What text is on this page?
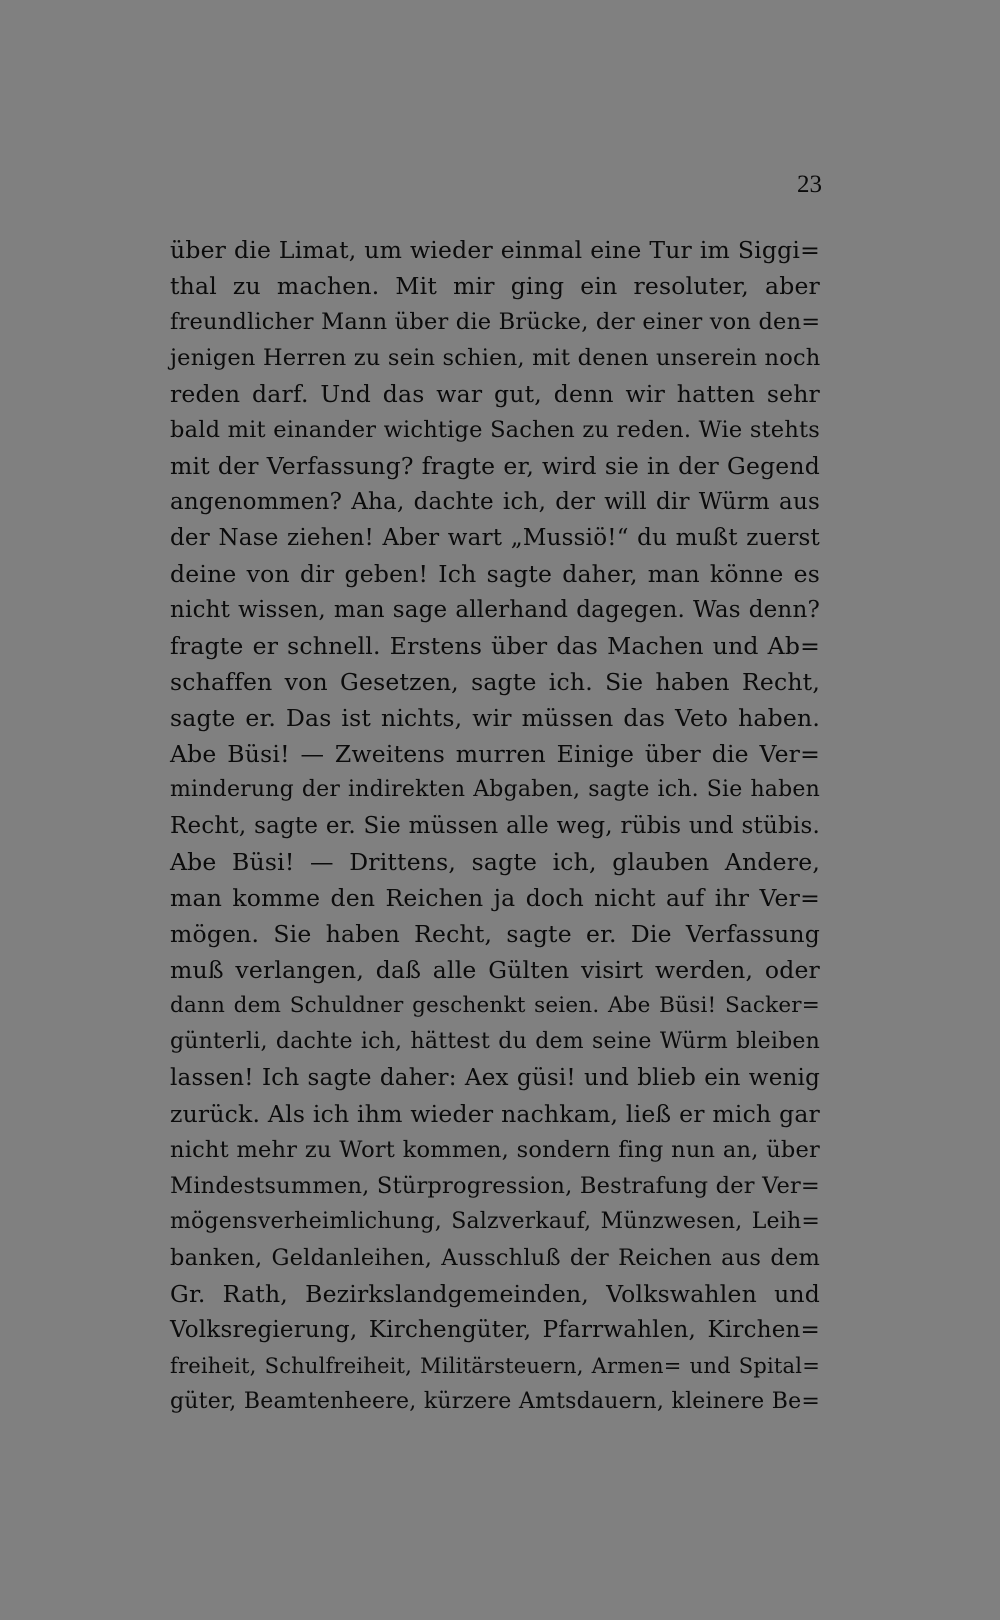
23
über die Limat, um wieder einmal eine Tur im Siggi=
thal zu machen. Mit mir ging ein resoluter, aber
freundlicher Mann über die Brücke, der einer von den=
jenigen Herren zu sein schien, mit denen unserein noch
reden darf. Und das war gut, denn wir hatten sehr
bald mit einander wichtige Sachen zu reden. Wie stehts
mit der Verfassung? fragte er, wird sie in der Gegend
angenommen? Aha, dachte ich, der will dir Würm aus
der Nase ziehen! Aber wart „Mussiö!“ du mußt zuerst
deine von dir geben! Ich sagte daher, man könne es
nicht wissen, man sage allerhand dagegen. Was denn?
fragte er schnell. Erstens über das Machen und Ab=
schaffen von Gesetzen, sagte ich. Sie haben Recht,
sagte er. Das ist nichts, wir müssen das Veto haben.
Abe Büsi! — Zweitens murren Einige über die Ver=
minderung der indirekten Abgaben, sagte ich. Sie haben
Recht, sagte er. Sie müssen alle weg, rübis und stübis.
Abe Büsi! — Drittens, sagte ich, glauben Andere,
man komme den Reichen ja doch nicht auf ihr Ver=
mögen. Sie haben Recht, sagte er. Die Verfassung
muß verlangen, daß alle Gülten visirt werden, oder
dann dem Schuldner geschenkt seien. Abe Büsi! Sacker=
günterli, dachte ich, hättest du dem seine Würm bleiben
lassen! Ich sagte daher: Aex güsi! und blieb ein wenig
zurück. Als ich ihm wieder nachkam, ließ er mich gar
nicht mehr zu Wort kommen, sondern fing nun an, über
Mindestsummen, Stürprogression, Bestrafung der Ver=
mögensverheimlichung, Salzverkauf, Münzwesen, Leih=
banken, Geldanleihen, Ausschluß der Reichen aus dem
Gr. Rath, Bezirkslandgemeinden, Volkswahlen und
Volksregierung, Kirchengüter, Pfarrwahlen, Kirchen=
freiheit, Schulfreiheit, Militärsteuern, Armen= und Spital=
güter, Beamtenheere, kürzere Amtsdauern, kleinere Be=
